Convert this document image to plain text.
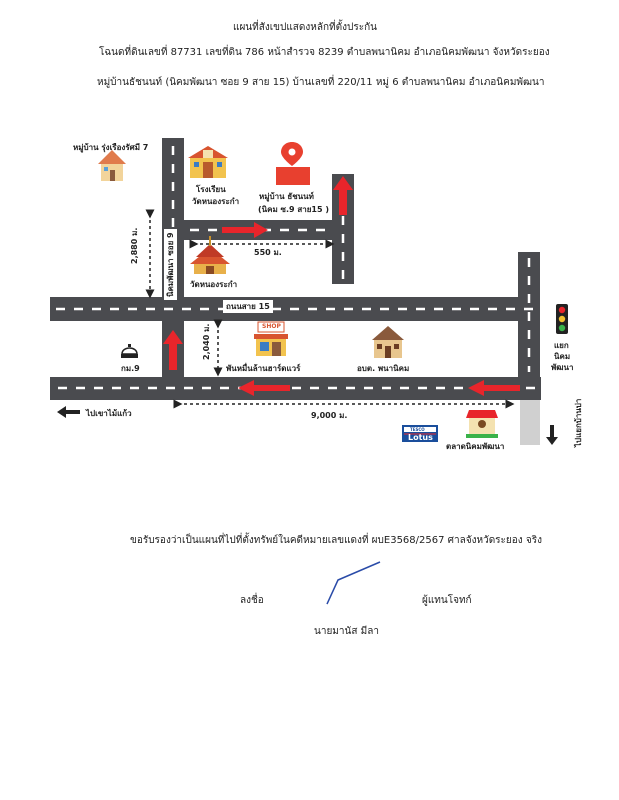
แผนที่สังเขปแสดงหลักที่ตั้งประกัน
โฉนดที่ดินเลขที่ 87731 เลขที่ดิน 786 หน้าสำรวจ 8239 ตำบลพนานิคม อำเภอนิคมพัฒนา จังหวัดระยอง
หมู่บ้านธัชนนท์ (นิคมพัฒนา ซอย 9 สาย 15) บ้านเลขที่ 220/11 หมู่ 6 ตำบลพนานิคม อำเภอนิคมพัฒนา
หมู่บ้าน รุ่งเรืองรัศมี 7
โรงเรียน
วัดหนองระกำ
หมู่บ้าน ธัชนนท์
(นิคม ซ.9 สาย15 )
550 ม.
2,880 ม.	นิคมพัฒนา ซอย 9 วัดหนองระกำ
ถนนสาย 15
2,040 ม.	SHOP
พันหมื่นล้านฮาร์ดแวร์
กม.9	อบต. พนานิคม
แยก
นิคม
พัฒนา
ไปเขาไม้แก้ว	9,000 ม.	ไปแยกบ้านบ่า
TESCO
Lotus
ตลาดนิคมพัฒนา
ขอรับรองว่าเป็นแผนที่ไปที่ตั้งทรัพย์ในคดีหมายเลขแดงที่ ผบE3568/2567 ศาลจังหวัดระยอง จริง
ลงชื่อ	ผู้แทนโจทก์
นายมานัส มีลา
